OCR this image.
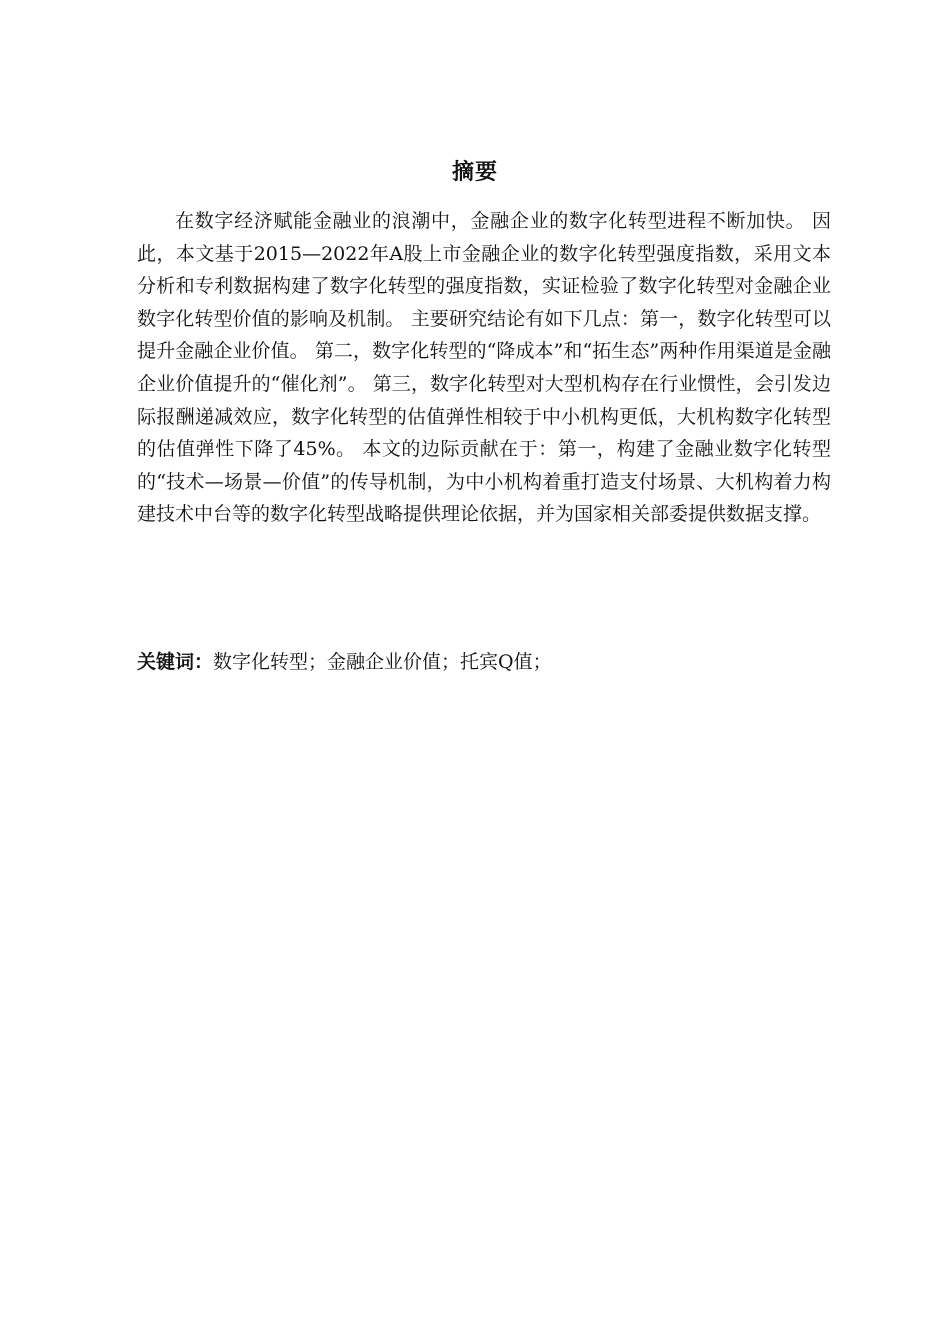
摘要

在数字经济赋能金融业的浪潮中，金融企业的数字化转型进程不断加快。 因此，本文基于2015—2022年A股上市金融企业的数字化转型强度指数，采用文本分析和专利数据构建了数字化转型的强度指数，实证检验了数字化转型对金融企业数字化转型价值的影响及机制。 主要研究结论有如下几点：第一，数字化转型可以提升金融企业价值。 第二，数字化转型的“降成本”和“拓生态”两种作用渠道是金融企业价值提升的“催化剂”。 第三，数字化转型对大型机构存在行业惯性，会引发边际报酬递减效应，数字化转型的估值弹性相较于中小机构更低，大机构数字化转型的估值弹性下降了45%。 本文的边际贡献在于：第一，构建了金融业数字化转型的“技术—场景—价值”的传导机制，为中小机构着重打造支付场景、大机构着力构建技术中台等的数字化转型战略提供理论依据，并为国家相关部委提供数据支撑。

关键词：数字化转型；金融企业价值；托宾Q值；
